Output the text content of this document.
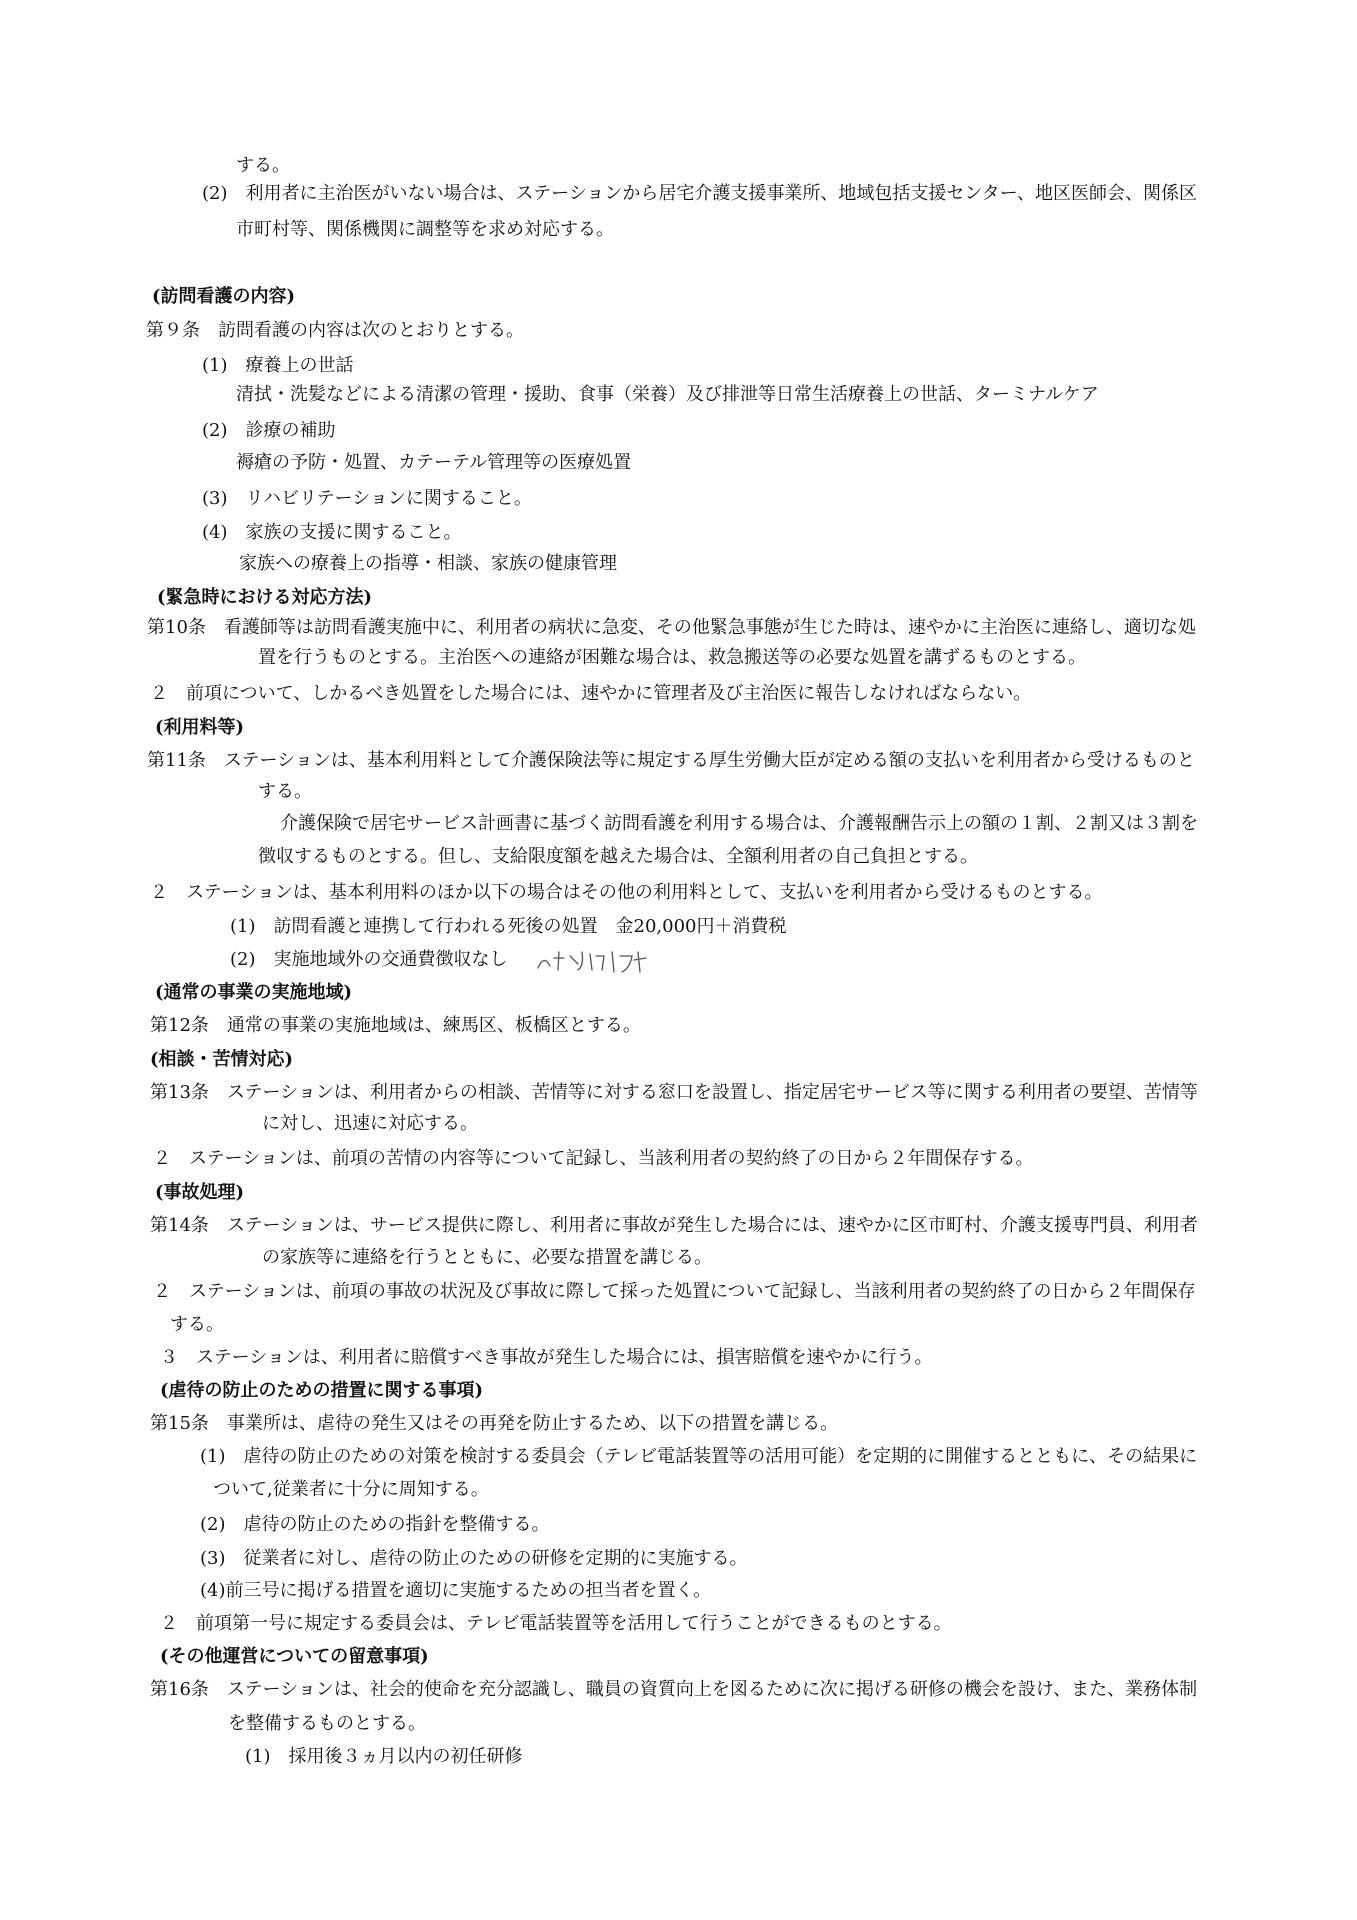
する。
(2)　利用者に主治医がいない場合は、ステーションから居宅介護支援事業所、地域包括支援センター、地区医師会、関係区
市町村等、関係機関に調整等を求め対応する。
(訪問看護の内容)
第９条　訪問看護の内容は次のとおりとする。
(1)　療養上の世話
清拭・洗髪などによる清潔の管理・援助、食事（栄養）及び排泄等日常生活療養上の世話、ターミナルケア
(2)　診療の補助
褥瘡の予防・処置、カテーテル管理等の医療処置
(3)　リハビリテーションに関すること。
(4)　家族の支援に関すること。
家族への療養上の指導・相談、家族の健康管理
(緊急時における対応方法)
第10条　看護師等は訪問看護実施中に、利用者の病状に急変、その他緊急事態が生じた時は、速やかに主治医に連絡し、適切な処
置を行うものとする。主治医への連絡が困難な場合は、救急搬送等の必要な処置を講ずるものとする。
２　前項について、しかるべき処置をした場合には、速やかに管理者及び主治医に報告しなければならない。
(利用料等)
第11条　ステーションは、基本利用料として介護保険法等に規定する厚生労働大臣が定める額の支払いを利用者から受けるものと
する。
介護保険で居宅サービス計画書に基づく訪問看護を利用する場合は、介護報酬告示上の額の１割、２割又は３割を
徴収するものとする。但し、支給限度額を越えた場合は、全額利用者の自己負担とする。
２　ステーションは、基本利用料のほか以下の場合はその他の利用料として、支払いを利用者から受けるものとする。
(1)　訪問看護と連携して行われる死後の処置　金20,000円＋消費税
(2)　実施地域外の交通費徴収なし
(通常の事業の実施地域)
第12条　通常の事業の実施地域は、練馬区、板橋区とする。
(相談・苦情対応)
第13条　ステーションは、利用者からの相談、苦情等に対する窓口を設置し、指定居宅サービス等に関する利用者の要望、苦情等
に対し、迅速に対応する。
２　ステーションは、前項の苦情の内容等について記録し、当該利用者の契約終了の日から２年間保存する。
(事故処理)
第14条　ステーションは、サービス提供に際し、利用者に事故が発生した場合には、速やかに区市町村、介護支援専門員、利用者
の家族等に連絡を行うとともに、必要な措置を講じる。
２　ステーションは、前項の事故の状況及び事故に際して採った処置について記録し、当該利用者の契約終了の日から２年間保存
する。
３　ステーションは、利用者に賠償すべき事故が発生した場合には、損害賠償を速やかに行う。
(虐待の防止のための措置に関する事項)
第15条　事業所は、虐待の発生又はその再発を防止するため、以下の措置を講じる。
(1)　虐待の防止のための対策を検討する委員会（テレビ電話装置等の活用可能）を定期的に開催するとともに、その結果に
ついて,従業者に十分に周知する。
(2)　虐待の防止のための指針を整備する。
(3)　従業者に対し、虐待の防止のための研修を定期的に実施する。
(4)前三号に掲げる措置を適切に実施するための担当者を置く。
２　前項第一号に規定する委員会は、テレビ電話装置等を活用して行うことができるものとする。
(その他運営についての留意事項)
第16条　ステーションは、社会的使命を充分認識し、職員の資質向上を図るために次に掲げる研修の機会を設け、また、業務体制
を整備するものとする。
(1)　採用後３ヵ月以内の初任研修
